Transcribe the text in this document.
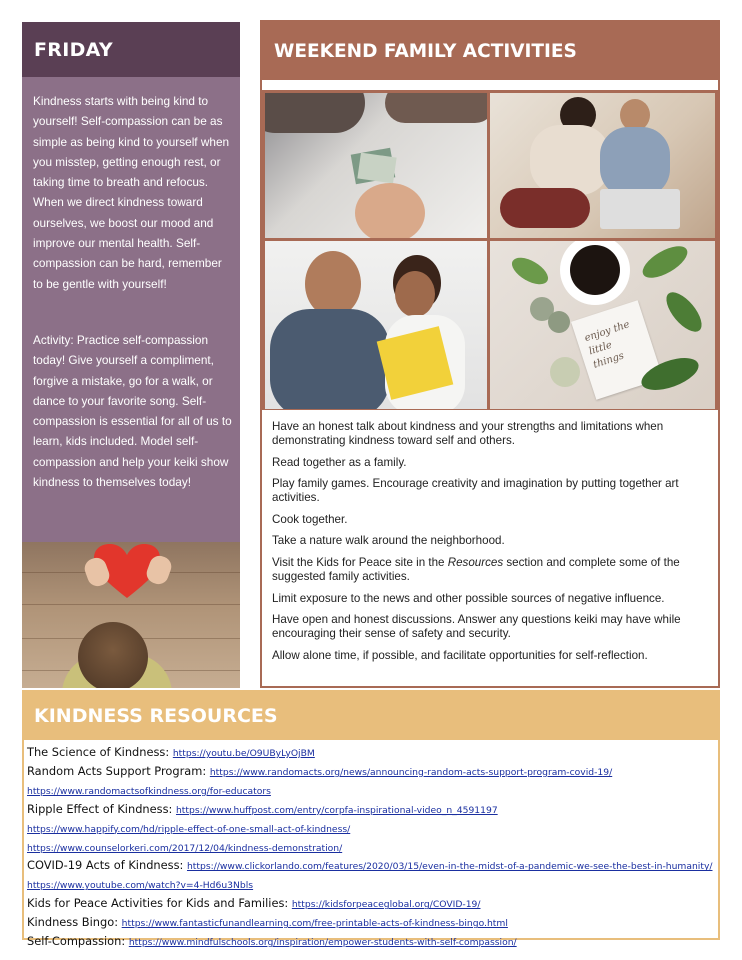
FRIDAY

Kindness starts with being kind to yourself! Self-compassion can be as simple as being kind to yourself when you misstep, getting enough rest, or taking time to breath and refocus. When we direct kindness toward ourselves, we boost our mood and improve our mental health. Self-compassion can be hard, remember to be gentle with yourself!

Activity: Practice self-compassion today! Give yourself a compliment, forgive a mistake, go for a walk, or dance to your favorite song. Self-compassion is essential for all of us to learn, kids included. Model self-compassion and help your keiki show kindness to themselves today!

WEEKEND FAMILY ACTIVITIES
enjoy the little things
Have an honest talk about kindness and your strengths and limitations when demonstrating kindness toward self and others.
Read together as a family.
Play family games. Encourage creativity and imagination by putting together art activities.
Cook together.
Take a nature walk around the neighborhood.
Visit the Kids for Peace site in the Resources section and complete some of the suggested family activities.
Limit exposure to the news and other possible sources of negative influence.
Have open and honest discussions. Answer any questions keiki may have while encouraging their sense of safety and security.
Allow alone time, if possible, and facilitate opportunities for self-reflection.
KINDNESS RESOURCES
The Science of Kindness: https://youtu.be/O9UByLyOjBM
Random Acts Support Program: https://www.randomacts.org/news/announcing-random-acts-support-program-covid-19/
https://www.randomactsofkindness.org/for-educators
Ripple Effect of Kindness: https://www.huffpost.com/entry/corpfa-inspirational-video_n_4591197
https://www.happify.com/hd/ripple-effect-of-one-small-act-of-kindness/
https://www.counselorkeri.com/2017/12/04/kindness-demonstration/
COVID-19 Acts of Kindness: https://www.clickorlando.com/features/2020/03/15/even-in-the-midst-of-a-pandemic-we-see-the-best-in-humanity/
https://www.youtube.com/watch?v=4-Hd6u3Nbls
Kids for Peace Activities for Kids and Families: https://kidsforpeaceglobal.org/COVID-19/
Kindness Bingo: https://www.fantasticfunandlearning.com/free-printable-acts-of-kindness-bingo.html
Self-Compassion: https://www.mindfulschools.org/inspiration/empower-students-with-self-compassion/
